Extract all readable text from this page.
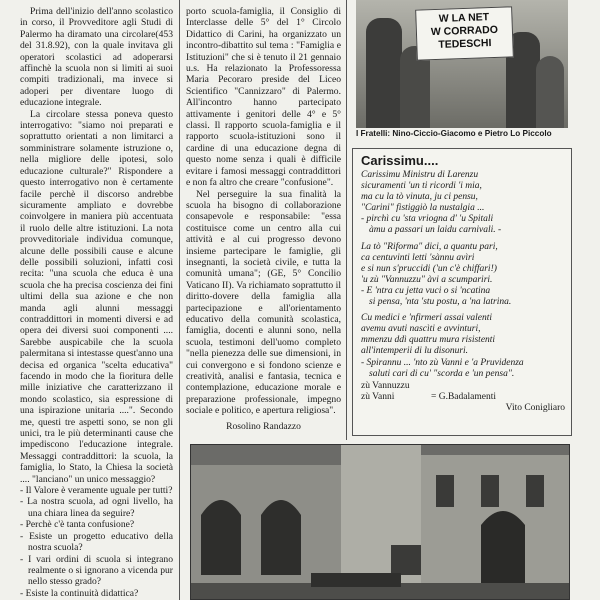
Prima dell'inizio dell'anno scolastico in corso, il Provveditore agli Studi di Palermo ha diramato una circolare(453 del 31.8.92), con la quale invitava gli operatori scolastici ad adoperarsi affinchè la scuola non si limiti ai suoi compiti tradizionali, ma invece si adoperi per diventare luogo di educazione integrale.

La circolare stessa poneva questo interrogativo: "siamo noi preparati e soprattutto orientati a non limitarci a somministrare solamente istruzione o, nella migliore delle ipotesi, solo educazione culturale?" Rispondere a questo interrogativo non è certamente facile perchè il discorso andrebbe sicuramente ampliato e dovrebbe coinvolgere in maniera più accentuata il ruolo delle altre istituzioni. La nota provveditoriale individua comunque, alcune delle possibili cause e alcune delle possibili soluzioni, infatti così recita: "una scuola che educa è una scuola che ha precisa coscienza dei fini ultimi della sua azione e che non manda agli alunni messaggi contraddittori in momenti diversi e ad opera dei diversi suoi componenti .... Sarebbe auspicabile che la scuola palermitana si intestasse quest'anno una decisa ed organica "scelta educativa" facendo in modo che la fioritura delle mille iniziative che caratterizzano il mondo scolastico, sia espressione di una ispirazione unitaria ....". Secondo me, questi tre aspetti sono, se non gli unici, tra le più determinanti cause che impediscono l'educazione integrale. Messaggi contraddittori: la scuola, la famiglia, lo Stato, la Chiesa la società .... "lanciano" un unico messaggio?

- Il Valore è veramente uguale per tutti?
- La nostra scuola, ad ogni livello, ha una chiara linea da seguire?
- Perchè c'è tanta confusione?
- Esiste un progetto educativo della nostra scuola?
- I vari ordini di scuola si integrano realmente o si ignorano a vicenda pur nello stesso grado?
- Esiste la continuità didattica?

porto scuola-famiglia, il Consiglio di Interclasse delle 5° del 1° Circolo Didattico di Carini, ha organizzato un incontro-dibattito sul tema : "Famiglia e Istituzioni" che si è tenuto il 21 gennaio u.s. Ha relazionato la Professoressa Maria Pecoraro preside del Liceo Scientifico "Cannizzaro" di Palermo. All'incontro hanno partecipato attivamente i genitori delle 4° e 5° classi. Il rapporto scuola-famiglia e il rapporto scuola-istituzioni sono il cardine di una educazione degna di questo nome senza i quali è difficile evitare i famosi messaggi contraddittori e non fa altro che creare "confusione".

Nel perseguire la sua finalità la scuola ha bisogno di collaborazione consapevole e responsabile: "essa costituisce come un centro alla cui attività e al cui progresso devono insieme partecipare le famiglie, gli insegnanti, la società civile, e tutta la comunità umana"; (GE, 5° Concilio Vaticano II). Va richiamato soprattutto il diritto-dovere della famiglia alla partecipazione e all'orientamento educativo della comunità scolastica, famiglia, docenti e alunni sono, nella scuola, testimoni dell'uomo completo "nella pienezza delle sue dimensioni, in cui convergono e si fondono scienze e creatività, analisi e fantasia, tecnica e contemplazione, educazione morale e preparazione professionale, impegno sociale e politico, e apertura religiosa".

Rosolino Randazzo
W LA NET
W CORRADO
TEDESCHI
I Fratelli: Nino-Ciccio-Giacomo e Pietro Lo Piccolo
Carissimu....
Carissimu Ministru di Larenzu
sicuramenti 'un ti ricordi 'i mia,
ma cu la tò vinuta, ju ci pensu,
"Carini" fistiggiò la nustalgia ...
- pirchì cu 'sta vriogna d' 'u Spitali
àmu a passari un laidu carnivali. -
La tò "Riforma" dici, a quantu pari,
ca centuvinti letti 'sànnu avìri
e si nun s'pruccidi ('un c'è chiffari!)
'u zù "Vannuzzu" àvi a scumpariri.
- E 'ntra cu jetta vuci o si 'ncatina
si pensa, 'nta 'stu postu, a 'na latrina.
Cu medici e 'nfirmeri assai valenti
avemu avuti nascìti e avvinturi,
mmenzu ddì quattru mura risistenti
all'intemperii di lu disonuri.
- Spirannu ... 'nto zù Vanni e 'a Pruvidenza
saluti cari di cu' "scorda e 'un pensa".
zù Vannuzzu
zù Vanni	= G.Badalamenti
Vito Conigliaro
